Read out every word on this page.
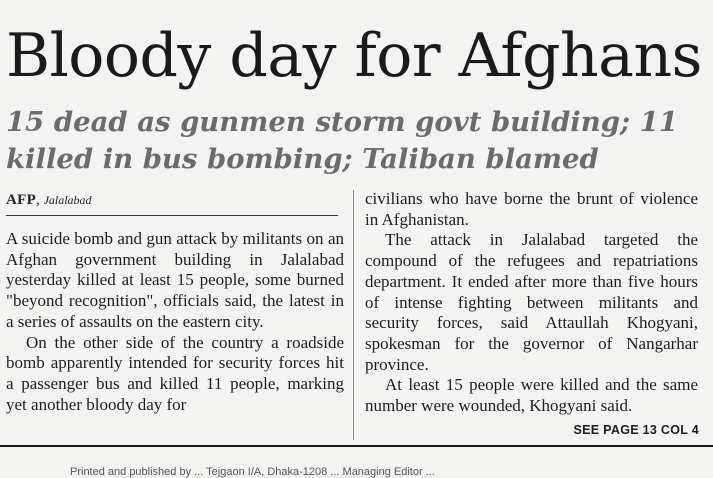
Bloody day for Afghans
15 dead as gunmen storm govt building; 11 killed in bus bombing; Taliban blamed
AFP, Jalalabad

A suicide bomb and gun attack by militants on an Afghan government building in Jalalabad yesterday killed at least 15 people, some burned "beyond recognition", officials said, the latest in a series of assaults on the eastern city.

On the other side of the country a roadside bomb apparently intended for security forces hit a passenger bus and killed 11 people, marking yet another bloody day for

civilians who have borne the brunt of violence in Afghanistan.

The attack in Jalalabad targeted the compound of the refugees and repatriations department. It ended after more than five hours of intense fighting between militants and security forces, said Attaullah Khogyani, spokesman for the governor of Nangarhar province.

At least 15 people were killed and the same number were wounded, Khogyani said.

SEE PAGE 13 COL 4
Printed and published by ... Tejgaon I/A, Dhaka-1208 ... Managing Editor ...
